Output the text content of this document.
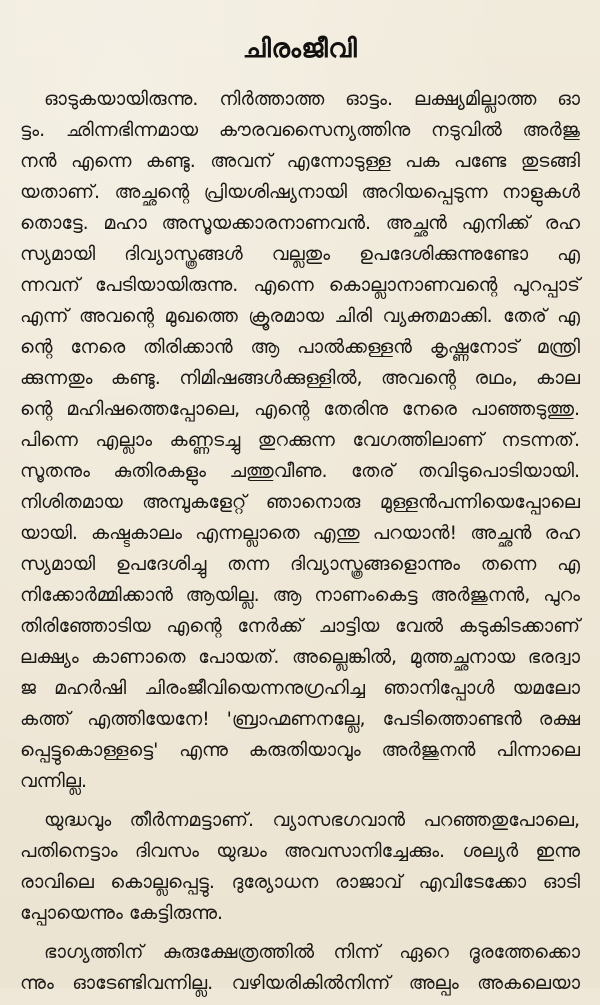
ചിരംജീവി
ഓടുകയായിരുന്നു. നിർത്താത്ത ഓട്ടം. ലക്ഷ്യമില്ലാത്ത ഓ
ട്ടം. ഛിന്നഭിന്നമായ കൗരവസൈന്യത്തിനു നടുവിൽ അർജു
നൻ എന്നെ കണ്ടു. അവന് എന്നോടുള്ള പക പണ്ടേ തുടങ്ങി
യതാണ്. അച്ഛന്റെ പ്രിയശിഷ്യനായി അറിയപ്പെടുന്ന നാളുകൾ
തൊട്ടേ. മഹാ അസൂയക്കാരനാണവൻ. അച്ഛൻ എനിക്ക് രഹ
സ്യമായി ദിവ്യാസ്ത്രങ്ങൾ വല്ലതും ഉപദേശിക്കുന്നുണ്ടോ എ
ന്നവന് പേടിയായിരുന്നു. എന്നെ കൊല്ലാനാണവന്റെ പുറപ്പാട്
എന്ന് അവന്റെ മുഖത്തെ ക്രൂരമായ ചിരി വ്യക്തമാക്കി. തേര് എ
ന്റെ നേരെ തിരിക്കാൻ ആ പാൽക്കള്ളൻ കൃഷ്ണനോട് മന്ത്രി
ക്കുന്നതും കണ്ടു. നിമിഷങ്ങൾക്കുള്ളിൽ, അവന്റെ രഥം, കാല
ന്റെ മഹിഷത്തെപ്പോലെ, എന്റെ തേരിനു നേരെ പാഞ്ഞടുത്തു.
പിന്നെ എല്ലാം കണ്ണടച്ചു തുറക്കുന്ന വേഗത്തിലാണ് നടന്നത്.
സൂതനും കുതിരകളും ചത്തുവീണു. തേര് തവിടുപൊടിയായി.
നിശിതമായ അമ്പുകളേറ്റ് ഞാനൊരു മുള്ളൻപന്നിയെപ്പോലെ
യായി. കഷ്ടകാലം എന്നല്ലാതെ എന്തു പറയാൻ! അച്ഛൻ രഹ
സ്യമായി ഉപദേശിച്ചു തന്ന ദിവ്യാസ്ത്രങ്ങളൊന്നും തന്നെ എ
നിക്കോർമ്മിക്കാൻ ആയില്ല. ആ നാണംകെട്ട അർജുനൻ, പുറം
തിരിഞ്ഞോടിയ എന്റെ നേർക്ക് ചാട്ടിയ വേൽ കടുകിടക്കാണ്
ലക്ഷ്യം കാണാതെ പോയത്. അല്ലെങ്കിൽ, മുത്തച്ഛനായ ഭരദ്വാ
ജ മഹർഷി ചിരംജീവിയെന്നനുഗ്രഹിച്ച ഞാനിപ്പോൾ യമലോ
കത്ത് എത്തിയേനേ! 'ബ്രാഹ്മണനല്ലേ, പേടിത്തൊണ്ടൻ രക്ഷ
പ്പെട്ടുകൊള്ളട്ടെ' എന്നു കരുതിയാവും അർജുനൻ പിന്നാലെ
വന്നില്ല.
യുദ്ധവും തീർന്നമട്ടാണ്. വ്യാസഭഗവാൻ പറഞ്ഞതുപോലെ,
പതിനെട്ടാം ദിവസം യുദ്ധം അവസാനിച്ചേക്കും. ശല്യർ ഇന്നു
രാവിലെ കൊല്ലപ്പെട്ടു. ദുര്യോധന രാജാവ് എവിടേക്കോ ഓടി
പ്പോയെന്നും കേട്ടിരുന്നു.
ഭാഗ്യത്തിന് കുരുക്ഷേത്രത്തിൽ നിന്ന് ഏറെ ദൂരത്തേക്കൊ
ന്നും ഓടേണ്ടിവന്നില്ല. വഴിയരികിൽനിന്ന് അല്പം അകലെയാ
